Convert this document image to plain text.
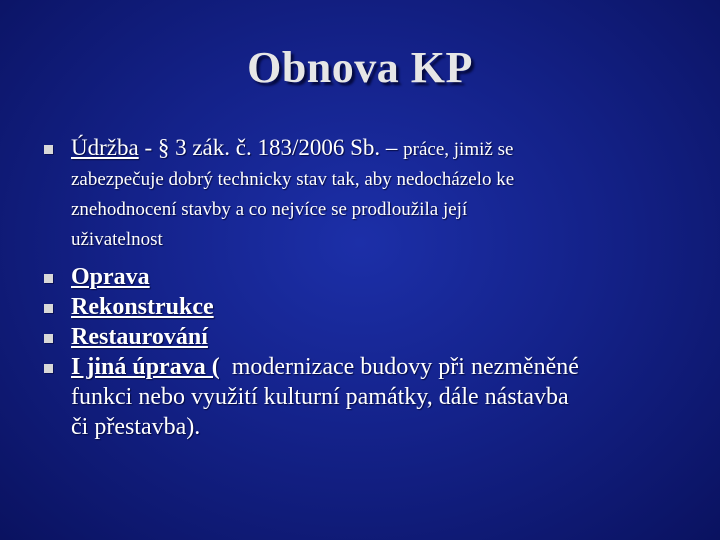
Obnova KP
Údržba - § 3 zák. č. 183/2006 Sb. – práce, jimiž se
zabezpečuje dobrý technicky stav tak, aby nedocházelo ke
znehodnocení stavby a co nejvíce se prodloužila její
uživatelnost
Oprava
Rekonstrukce
Restaurování
I jiná úprava (  modernizace budovy při nezměněné
funkci nebo využití kulturní památky, dále nástavba
či přestavba).
